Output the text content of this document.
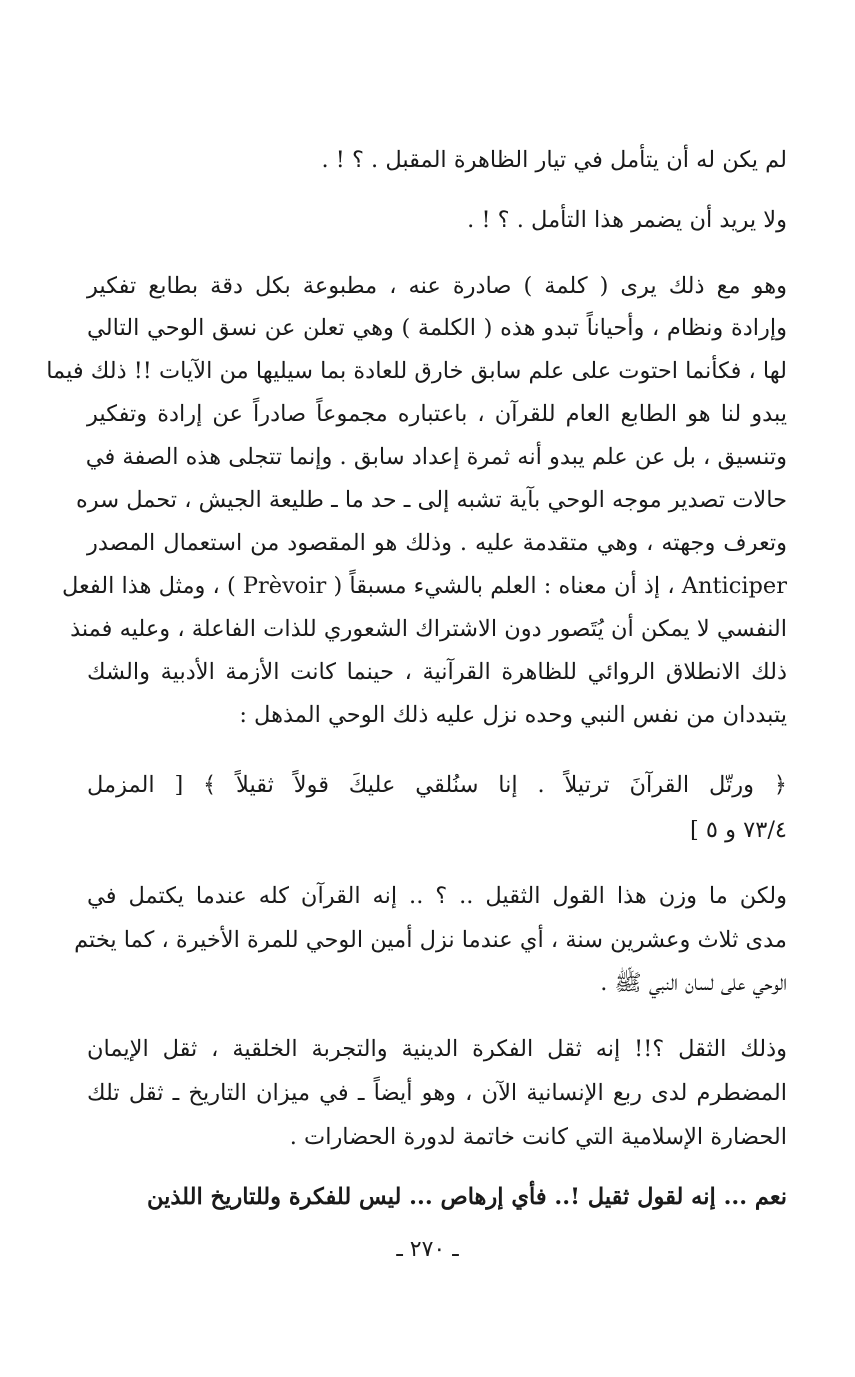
لم يكن له أن يتأمل في تيار الظاهرة المقبل . ؟ ! .
ولا يريد أن يضمر هذا التأمل . ؟ ! .
وهو مع ذلك يرى ( كلمة ) صادرة عنه ، مطبوعة بكل دقة بطابع تفكير
وإرادة ونظام ، وأحياناً تبدو هذه ( الكلمة ) وهي تعلن عن نسق الوحي التالي
لها ، فكأنما احتوت على علم سابق خارق للعادة بما سيليها من الآيات !! ذلك فيما
يبدو لنا هو الطابع العام للقرآن ، باعتباره مجموعاً صادراً عن إرادة وتفكير
وتنسيق ، بل عن علم يبدو أنه ثمرة إعداد سابق . وإنما تتجلى هذه الصفة في
حالات تصدير موجه الوحي بآية تشبه إلى ـ حد ما ـ طليعة الجيش ، تحمل سره
وتعرف وجهته ، وهي متقدمة عليه . وذلك هو المقصود من استعمال المصدر
Anticiper ، إذ أن معناه : العلم بالشيء مسبقاً ( Prèvoir ) ، ومثل هذا الفعل
النفسي لا يمكن أن يُتَصور دون الاشتراك الشعوري للذات الفاعلة ، وعليه فمنذ
ذلك الانطلاق الروائي للظاهرة القرآنية ، حينما كانت الأزمة الأدبية والشك
يتبددان من نفس النبي وحده نزل عليه ذلك الوحي المذهل :
﴿ ورتّل القرآنَ ترتيلاً . إنا سنُلقي عليكَ قولاً ثقيلاً ﴾ [ المزمل
٧٣/٤ و ٥ ]
ولكن ما وزن هذا القول الثقيل .. ؟ .. إنه القرآن كله عندما يكتمل في
مدى ثلاث وعشرين سنة ، أي عندما نزل أمين الوحي للمرة الأخيرة ، كما يختم
الوحي على لسان النبي ﷺ .
وذلك الثقل ؟!! إنه ثقل الفكرة الدينية والتجربة الخلقية ، ثقل الإيمان
المضطرم لدى ربع الإنسانية الآن ، وهو أيضاً ـ في ميزان التاريخ ـ ثقل تلك
الحضارة الإسلامية التي كانت خاتمة لدورة الحضارات .
نعم ... إنه لقول ثقيل !.. فأي إرهاص ... ليس للفكرة وللتاريخ اللذين
ـ ٢٧٠ ـ
